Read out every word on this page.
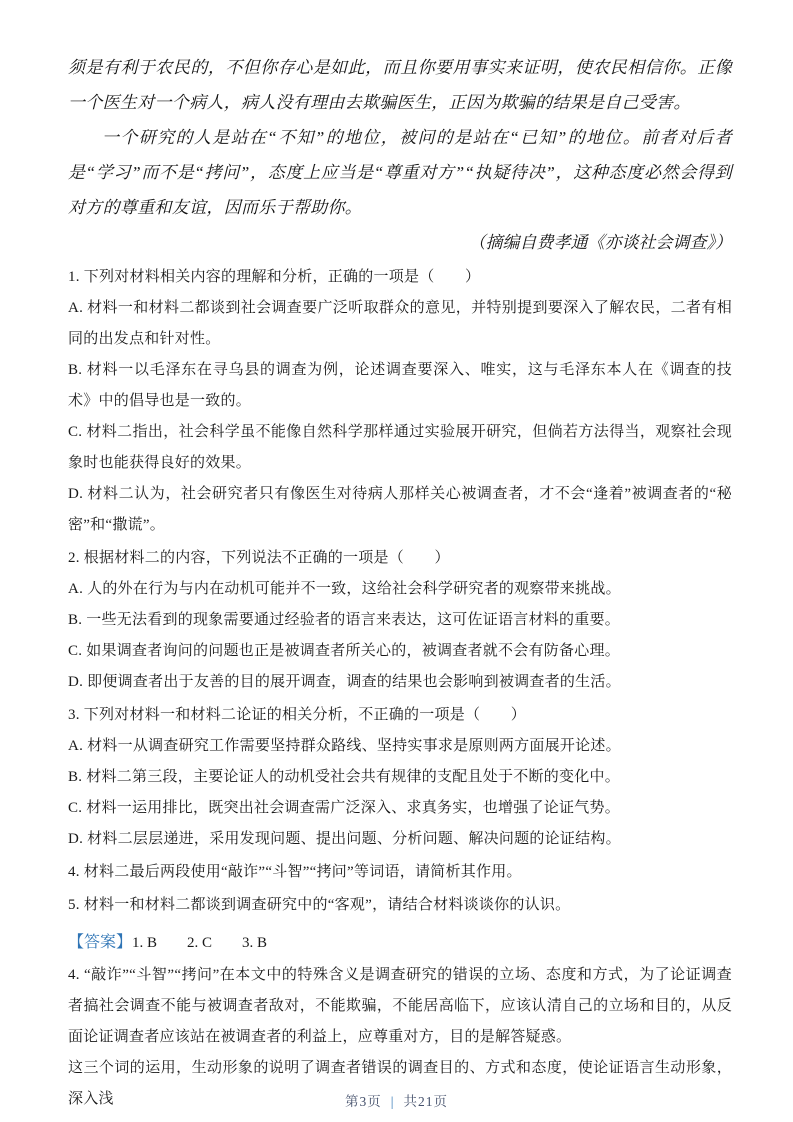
须是有利于农民的，不但你存心是如此，而且你要用事实来证明，使农民相信你。正像一个医生对一个病人，病人没有理由去欺骗医生，正因为欺骗的结果是自己受害。

一个研究的人是站在“不知”的地位，被问的是站在“已知”的地位。前者对后者是“学习”而不是“拷问”，态度上应当是“尊重对方”“执疑待决”，这种态度必然会得到对方的尊重和友谊，因而乐于帮助你。

（摘编自费孝通《亦谈社会调查》）

1. 下列对材料相关内容的理解和分析，正确的一项是（　　）

A. 材料一和材料二都谈到社会调查要广泛听取群众的意见，并特别提到要深入了解农民，二者有相同的出发点和针对性。

B. 材料一以毛泽东在寻乌县的调查为例，论述调查要深入、唯实，这与毛泽东本人在《调查的技术》中的倡导也是一致的。

C. 材料二指出，社会科学虽不能像自然科学那样通过实验展开研究，但倘若方法得当，观察社会现象时也能获得良好的效果。

D. 材料二认为，社会研究者只有像医生对待病人那样关心被调查者，才不会“逢着”被调查者的“秘密”和“撒谎”。

2. 根据材料二的内容，下列说法不正确的一项是（　　）

A. 人的外在行为与内在动机可能并不一致，这给社会科学研究者的观察带来挑战。

B. 一些无法看到的现象需要通过经验者的语言来表达，这可佐证语言材料的重要。

C. 如果调查者询问的问题也正是被调查者所关心的，被调查者就不会有防备心理。

D. 即便调查者出于友善的目的展开调查，调查的结果也会影响到被调查者的生活。

3. 下列对材料一和材料二论证的相关分析，不正确的一项是（　　）

A. 材料一从调查研究工作需要坚持群众路线、坚持实事求是原则两方面展开论述。

B. 材料二第三段，主要论证人的动机受社会共有规律的支配且处于不断的变化中。

C. 材料一运用排比，既突出社会调查需广泛深入、求真务实，也增强了论证气势。

D. 材料二层层递进，采用发现问题、提出问题、分析问题、解决问题的论证结构。

4. 材料二最后两段使用“敲诈”“斗智”“拷问”等词语，请简析其作用。

5. 材料一和材料二都谈到调查研究中的“客观”，请结合材料谈谈你的认识。

【答案】1. B 2. C 3. B

4. “敲诈”“斗智”“拷问”在本文中的特殊含义是调查研究的错误的立场、态度和方式，为了论证调查者搞社会调查不能与被调查者敌对，不能欺骗，不能居高临下，应该认清自己的立场和目的，从反面论证调查者应该站在被调查者的利益上，应尊重对方，目的是解答疑惑。

这三个词的运用，生动形象的说明了调查者错误的调查目的、方式和态度，使论证语言生动形象，深入浅	第3页 | 共21页
